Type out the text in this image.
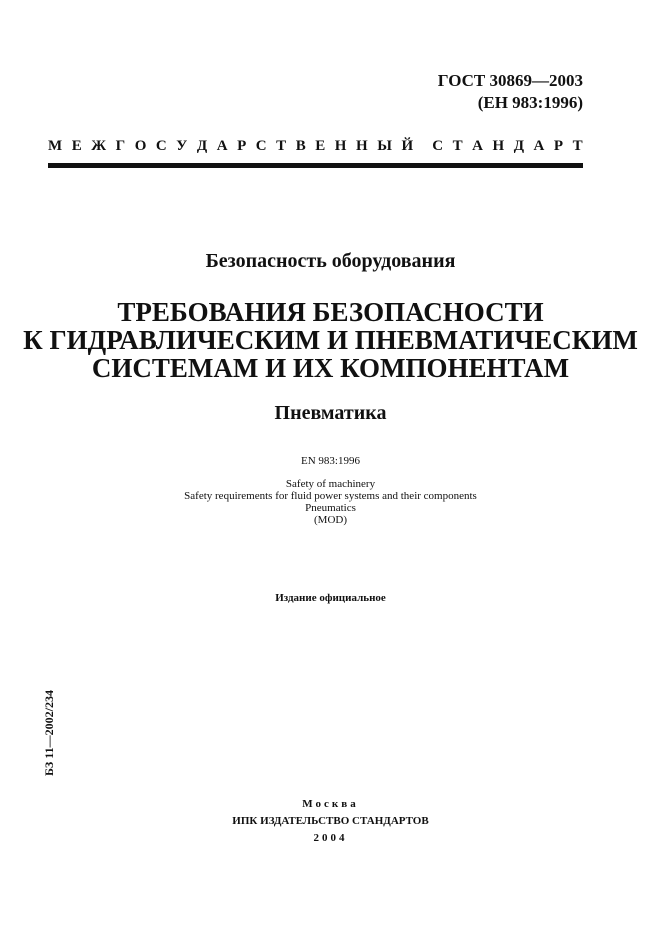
ГОСТ 30869—2003
(ЕН 983:1996)
М Е Ж Г О С У Д А Р С Т В Е Н Н Ы Й С Т А Н Д А Р Т
Безопасность оборудования
ТРЕБОВАНИЯ БЕЗОПАСНОСТИ
К ГИДРАВЛИЧЕСКИМ И ПНЕВМАТИЧЕСКИМ
СИСТЕМАМ И ИХ КОМПОНЕНТАМ
Пневматика
EN 983:1996
Safety of machinery
Safety requirements for fluid power systems and their components
Pneumatics
(MOD)
Издание официальное
БЗ 11—2002/234
Москва
ИПК ИЗДАТЕЛЬСТВО СТАНДАРТОВ
2004
